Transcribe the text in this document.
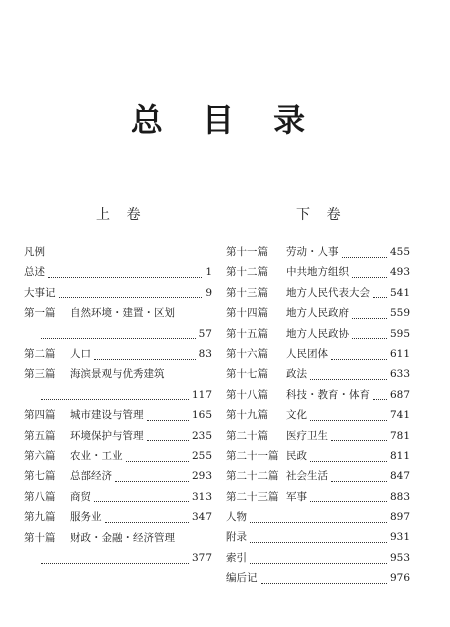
总 目 录
上 卷	下 卷
凡例
总述	1
大事记	9
第一篇	自然环境・建置・区划
57
第二篇	人口	83
第三篇	海滨景观与优秀建筑
117
第四篇	城市建设与管理	165
第五篇	环境保护与管理	235
第六篇	农业・工业	255
第七篇	总部经济	293
第八篇	商贸	313
第九篇	服务业	347
第十篇	财政・金融・经济管理
377
第十一篇	劳动・人事	455
第十二篇	中共地方组织	493
第十三篇	地方人民代表大会 541
第十四篇	地方人民政府	559
第十五篇	地方人民政协	595
第十六篇	人民团体	611
第十七篇	政法	633
第十八篇	科技・教育・体育 687
第十九篇	文化	741
第二十篇	医疗卫生	781
第二十一篇 民政	811
第二十二篇 社会生活	847
第二十三篇 军事	883
人物	897
附录	931
索引	953
编后记	976
